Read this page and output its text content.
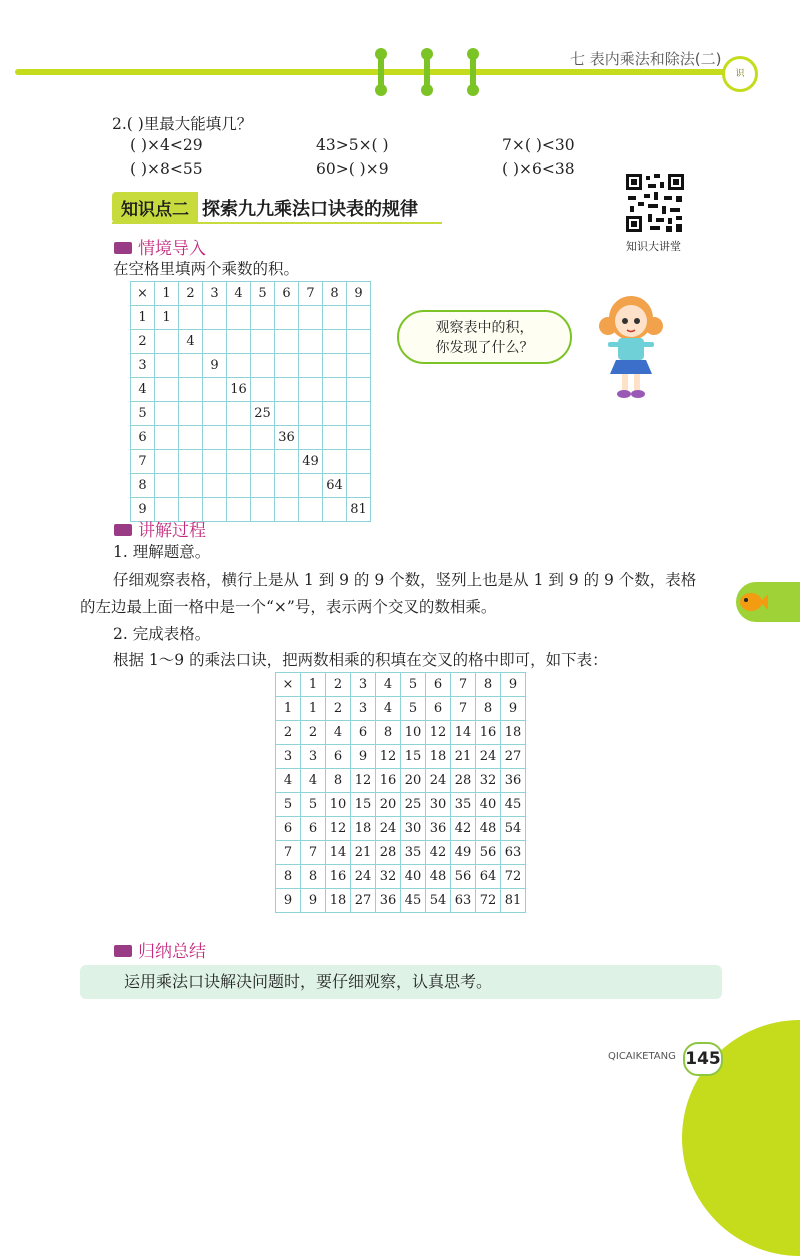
七 表内乘法和除法(二)
识
2.( )里最大能填几？
( )×4<29	43>5×( )	7×( )<30
( )×8<55	60>( )×9	( )×6<38
知识点二 探索九九乘法口诀表的规律
知识大讲堂
情境导入
在空格里填两个乘数的积。
×	1	2	3	4	5	6	7	8	9
1	1								
2		4							
3			9						
4				16					
5					25				
6						36			
7							49		
8								64	
9									81
观察表中的积，
你发现了什么？
讲解过程
1. 理解题意。
仔细观察表格，横行上是从 1 到 9 的 9 个数，竖列上也是从 1 到 9 的 9 个数，表格
的左边最上面一格中是一个“×”号，表示两个交叉的数相乘。
2. 完成表格。
根据 1～9 的乘法口诀，把两数相乘的积填在交叉的格中即可，如下表：
×	1	2	3	4	5	6	7	8	9
1	1	2	3	4	5	6	7	8	9
2	2	4	6	8	10	12	14	16	18
3	3	6	9	12	15	18	21	24	27
4	4	8	12	16	20	24	28	32	36
5	5	10	15	20	25	30	35	40	45
6	6	12	18	24	30	36	42	48	54
7	7	14	21	28	35	42	49	56	63
8	8	16	24	32	40	48	56	64	72
9	9	18	27	36	45	54	63	72	81
归纳总结
运用乘法口诀解决问题时，要仔细观察，认真思考。
QICAIKETANG 145
